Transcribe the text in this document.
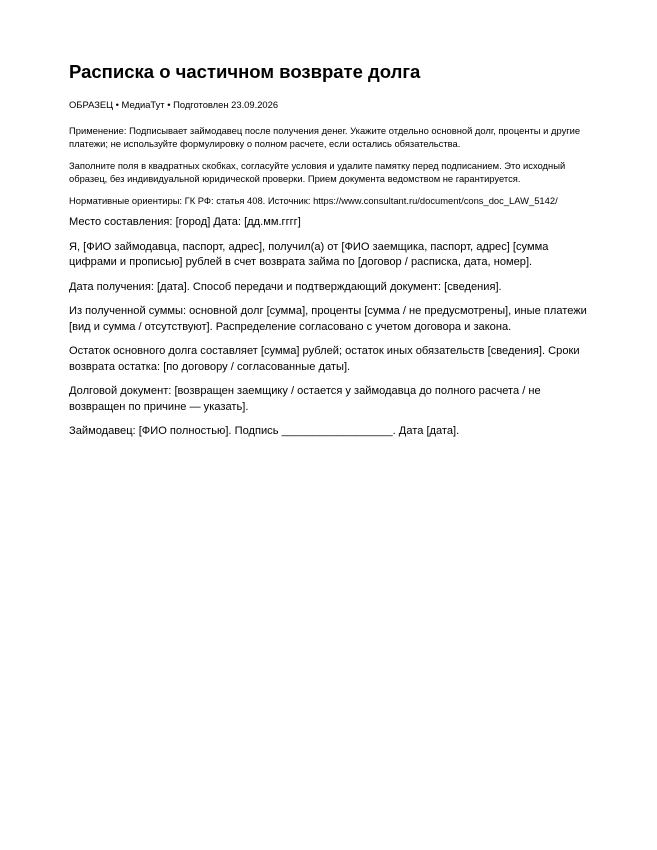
Расписка о частичном возврате долга
ОБРАЗЕЦ • МедиаТут • Подготовлен 23.09.2026
Применение: Подписывает займодавец после получения денег. Укажите отдельно основной долг, проценты и другие платежи; не используйте формулировку о полном расчете, если остались обязательства.
Заполните поля в квадратных скобках, согласуйте условия и удалите памятку перед подписанием. Это исходный образец, без индивидуальной юридической проверки. Прием документа ведомством не гарантируется.
Нормативные ориентиры: ГК РФ: статья 408. Источник: https://www.consultant.ru/document/cons_doc_LAW_5142/
Место составления: [город] Дата: [дд.мм.гггг]
Я, [ФИО займодавца, паспорт, адрес], получил(а) от [ФИО заемщика, паспорт, адрес] [сумма цифрами и прописью] рублей в счет возврата займа по [договор / расписка, дата, номер].
Дата получения: [дата]. Способ передачи и подтверждающий документ: [сведения].
Из полученной суммы: основной долг [сумма], проценты [сумма / не предусмотрены], иные платежи [вид и сумма / отсутствуют]. Распределение согласовано с учетом договора и закона.
Остаток основного долга составляет [сумма] рублей; остаток иных обязательств [сведения]. Сроки возврата остатка: [по договору / согласованные даты].
Долговой документ: [возвращен заемщику / остается у займодавца до полного расчета / не возвращен по причине — указать].
Займодавец: [ФИО полностью]. Подпись __________________. Дата [дата].
